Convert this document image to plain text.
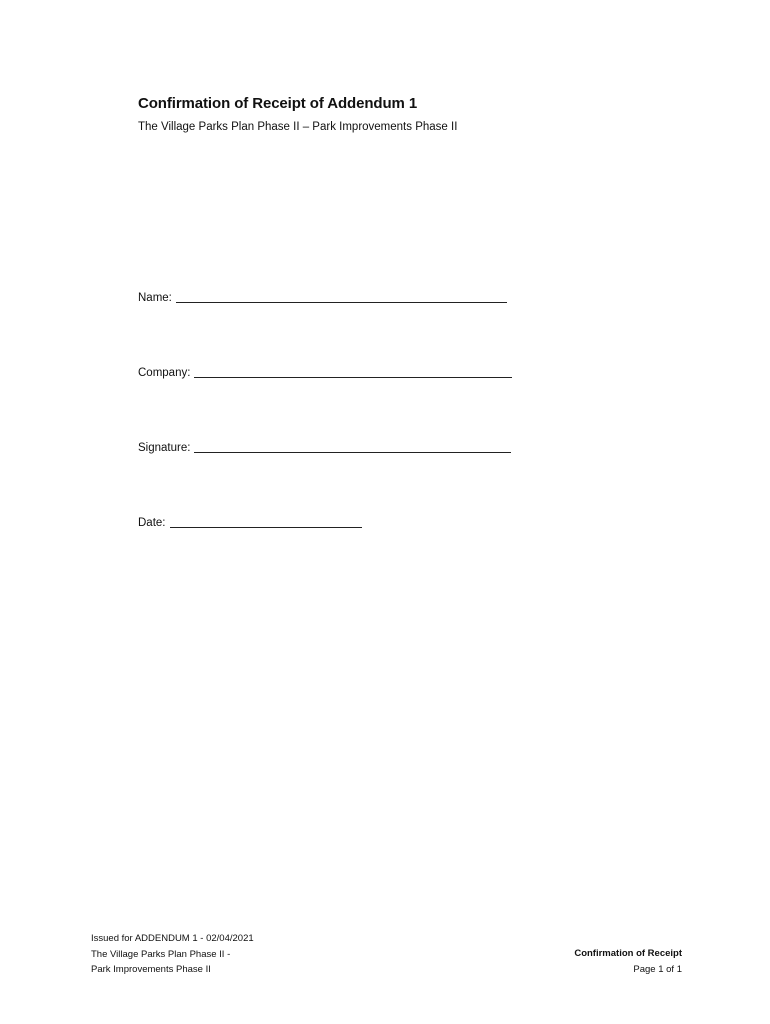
Confirmation of Receipt of Addendum 1
The Village Parks Plan Phase II – Park Improvements Phase II
Name:
Company:
Signature:
Date:
Issued for ADDENDUM 1 - 02/04/2021
The Village Parks Plan Phase II -
Park Improvements Phase II
Confirmation of Receipt
Page 1 of 1
